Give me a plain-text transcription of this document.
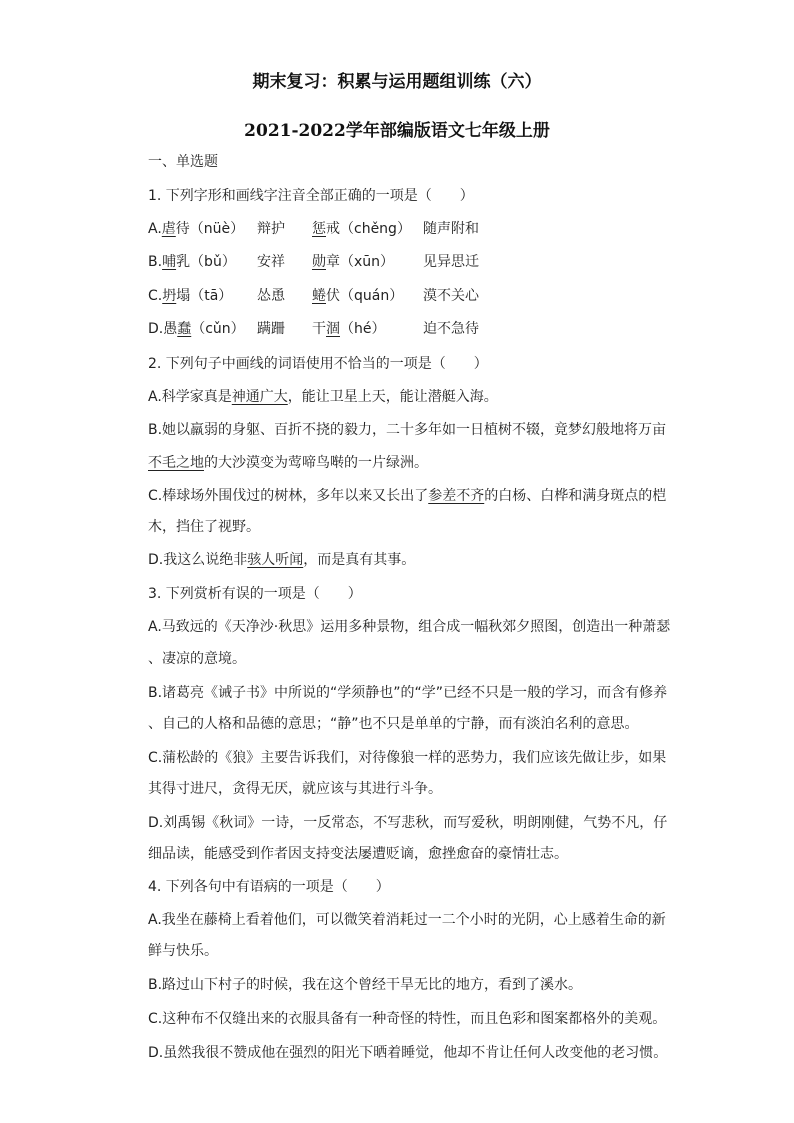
期末复习：积累与运用题组训练（六）
2021-2022学年部编版语文七年级上册
一、单选题
1. 下列字形和画线字注音全部正确的一项是（　　）
A.虐待（nüè） 辩护 惩戒（chěng） 随声附和
B.哺乳（bǔ） 安祥 勋章（xūn） 见异思迁
C.坍塌（tā） 怂恿 蜷伏（quán） 漠不关心
D.愚蠢（cǔn） 蹒跚 干涸（hé）	迫不急待
2. 下列句子中画线的词语使用不恰当的一项是（　　）
A.科学家真是神通广大，能让卫星上天，能让潜艇入海。
B.她以羸弱的身躯、百折不挠的毅力，二十多年如一日植树不辍，竟梦幻般地将万亩
不毛之地的大沙漠变为莺啼鸟啭的一片绿洲。
C.棒球场外围伐过的树林，多年以来又长出了参差不齐的白杨、白桦和满身斑点的桤
木，挡住了视野。
D.我这么说绝非骇人听闻，而是真有其事。
3. 下列赏析有误的一项是（　　）
A.马致远的《天净沙·秋思》运用多种景物，组合成一幅秋郊夕照图，创造出一种萧瑟
、凄凉的意境。
B.诸葛亮《诫子书》中所说的“学须静也”的“学”已经不只是一般的学习，而含有修养
、自己的人格和品德的意思；“静”也不只是单单的宁静，而有淡泊名利的意思。
C.蒲松龄的《狼》主要告诉我们，对待像狼一样的恶势力，我们应该先做让步，如果
其得寸进尺，贪得无厌，就应该与其进行斗争。
D.刘禹锡《秋词》一诗，一反常态，不写悲秋，而写爱秋，明朗刚健，气势不凡，仔
细品读，能感受到作者因支持变法屡遭贬谪，愈挫愈奋的豪情壮志。
4. 下列各句中有语病的一项是（　　）
A.我坐在藤椅上看着他们，可以微笑着消耗过一二个小时的光阴，心上感着生命的新
鲜与快乐。
B.路过山下村子的时候，我在这个曾经干旱无比的地方，看到了溪水。
C.这种布不仅缝出来的衣服具备有一种奇怪的特性，而且色彩和图案都格外的美观。
D.虽然我很不赞成他在强烈的阳光下晒着睡觉，他却不肯让任何人改变他的老习惯。
